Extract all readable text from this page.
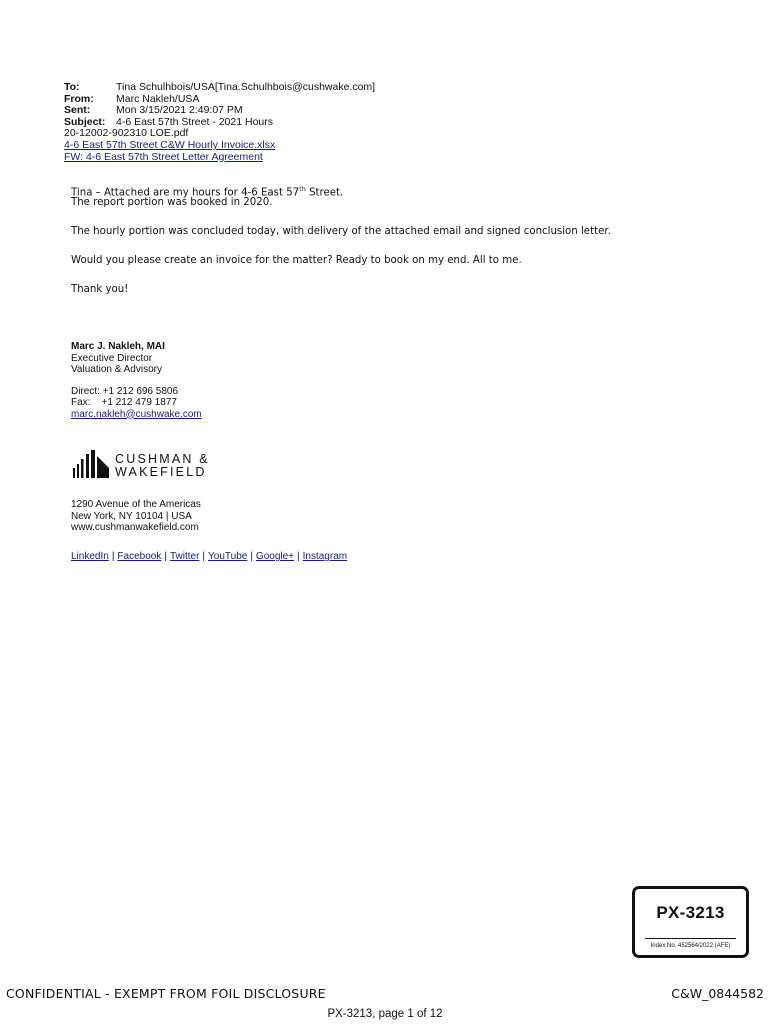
To:	Tina Schulhbois/USA[Tina.Schulhbois@cushwake.com]
From: Marc Nakleh/USA
Sent: Mon 3/15/2021 2:49:07 PM
Subject: 4-6 East 57th Street - 2021 Hours
20-12002-902310 LOE.pdf
4-6 East 57th Street C&W Hourly Invoice.xlsx
FW: 4-6 East 57th Street Letter Agreement
Tina – Attached are my hours for 4-6 East 57th Street.
The report portion was booked in 2020.
The hourly portion was concluded today, with delivery of the attached email and signed conclusion letter.
Would you please create an invoice for the matter? Ready to book on my end. All to me.
Thank you!
Marc J. Nakleh, MAI
Executive Director
Valuation & Advisory
Direct: +1 212 696 5806
Fax:    +1 212 479 1877
marc.nakleh@cushwake.com
CUSHMAN &
WAKEFIELD
1290 Avenue of the Americas
New York, NY 10104 | USA
www.cushmanwakefield.com
LinkedIn | Facebook | Twitter | YouTube | Google+ | Instagram
PX-3213
Index No. 452564/2022 (AFE)
CONFIDENTIAL - EXEMPT FROM FOIL DISCLOSURE	C&W_0844582
PX-3213, page 1 of 12
